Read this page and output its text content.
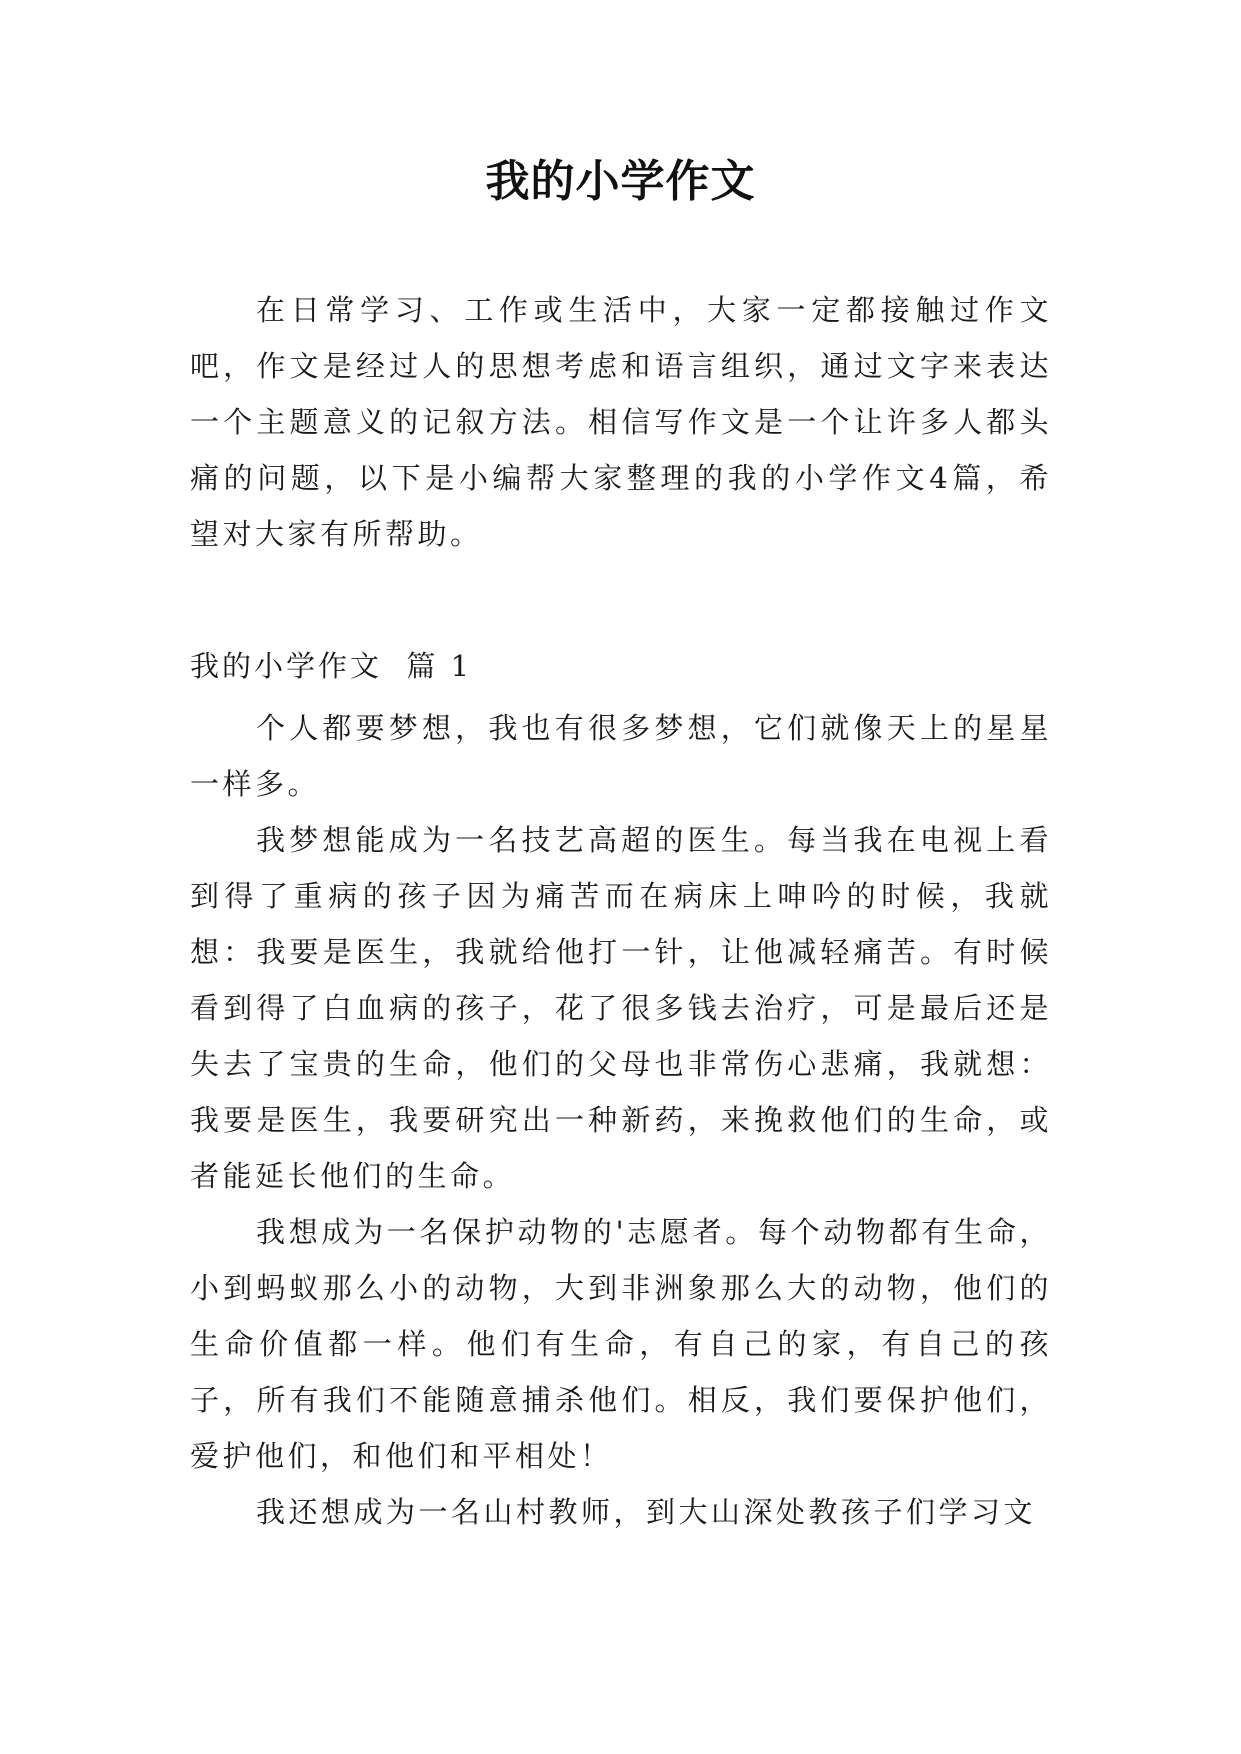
我的小学作文

在日常学习、工作或生活中，大家一定都接触过作文吧，作文是经过人的思想考虑和语言组织，通过文字来表达一个主题意义的记叙方法。相信写作文是一个让许多人都头痛的问题，以下是小编帮大家整理的我的小学作文4篇，希望对大家有所帮助。

我的小学作文  篇 1

个人都要梦想，我也有很多梦想，它们就像天上的星星一样多。

我梦想能成为一名技艺高超的医生。每当我在电视上看到得了重病的孩子因为痛苦而在病床上呻吟的时候，我就想：我要是医生，我就给他打一针，让他减轻痛苦。有时候看到得了白血病的孩子，花了很多钱去治疗，可是最后还是失去了宝贵的生命，他们的父母也非常伤心悲痛，我就想：我要是医生，我要研究出一种新药，来挽救他们的生命，或者能延长他们的生命。

我想成为一名保护动物的'志愿者。每个动物都有生命，小到蚂蚁那么小的动物，大到非洲象那么大的动物，他们的生命价值都一样。他们有生命，有自己的家，有自己的孩子，所有我们不能随意捕杀他们。相反，我们要保护他们，爱护他们，和他们和平相处！

我还想成为一名山村教师，到大山深处教孩子们学习文
